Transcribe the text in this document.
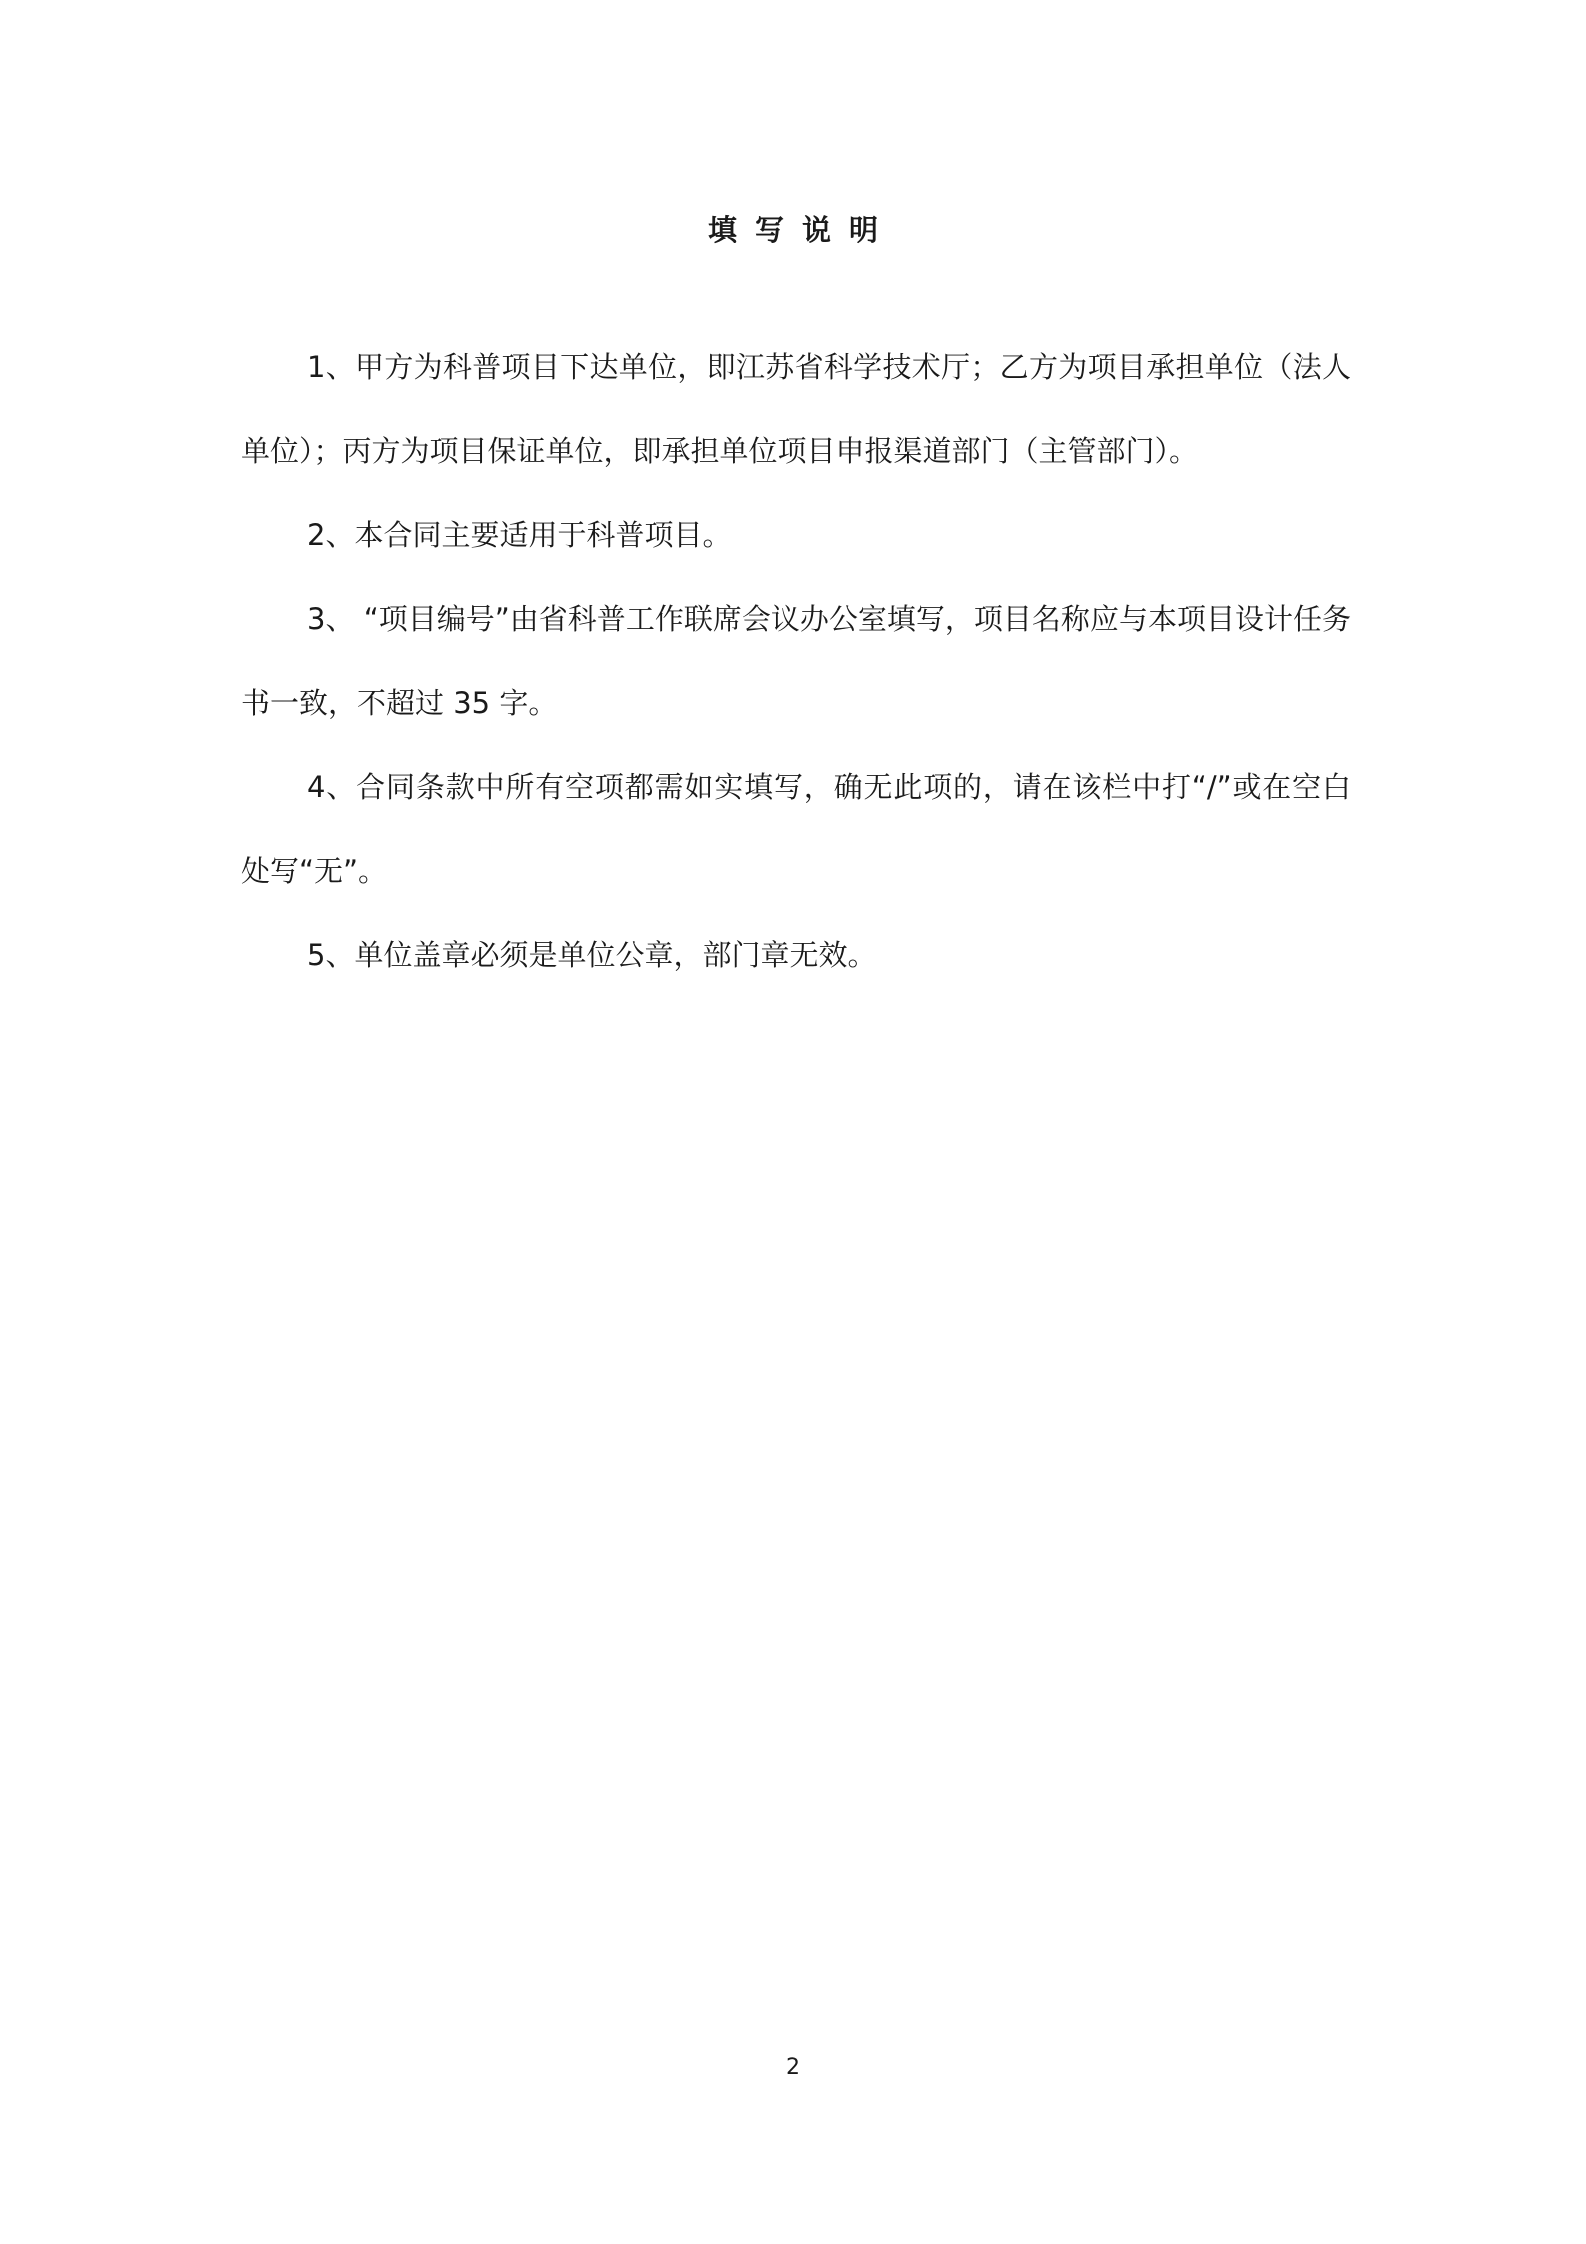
填写说明

1、甲方为科普项目下达单位，即江苏省科学技术厅；乙方为项目承担单位（法人单位）；丙方为项目保证单位，即承担单位项目申报渠道部门（主管部门）。

2、本合同主要适用于科普项目。

3、 “项目编号”由省科普工作联席会议办公室填写，项目名称应与本项目设计任务书一致，不超过 35 字。

4、合同条款中所有空项都需如实填写，确无此项的，请在该栏中打“/”或在空白处写“无”。

5、单位盖章必须是单位公章，部门章无效。

2
